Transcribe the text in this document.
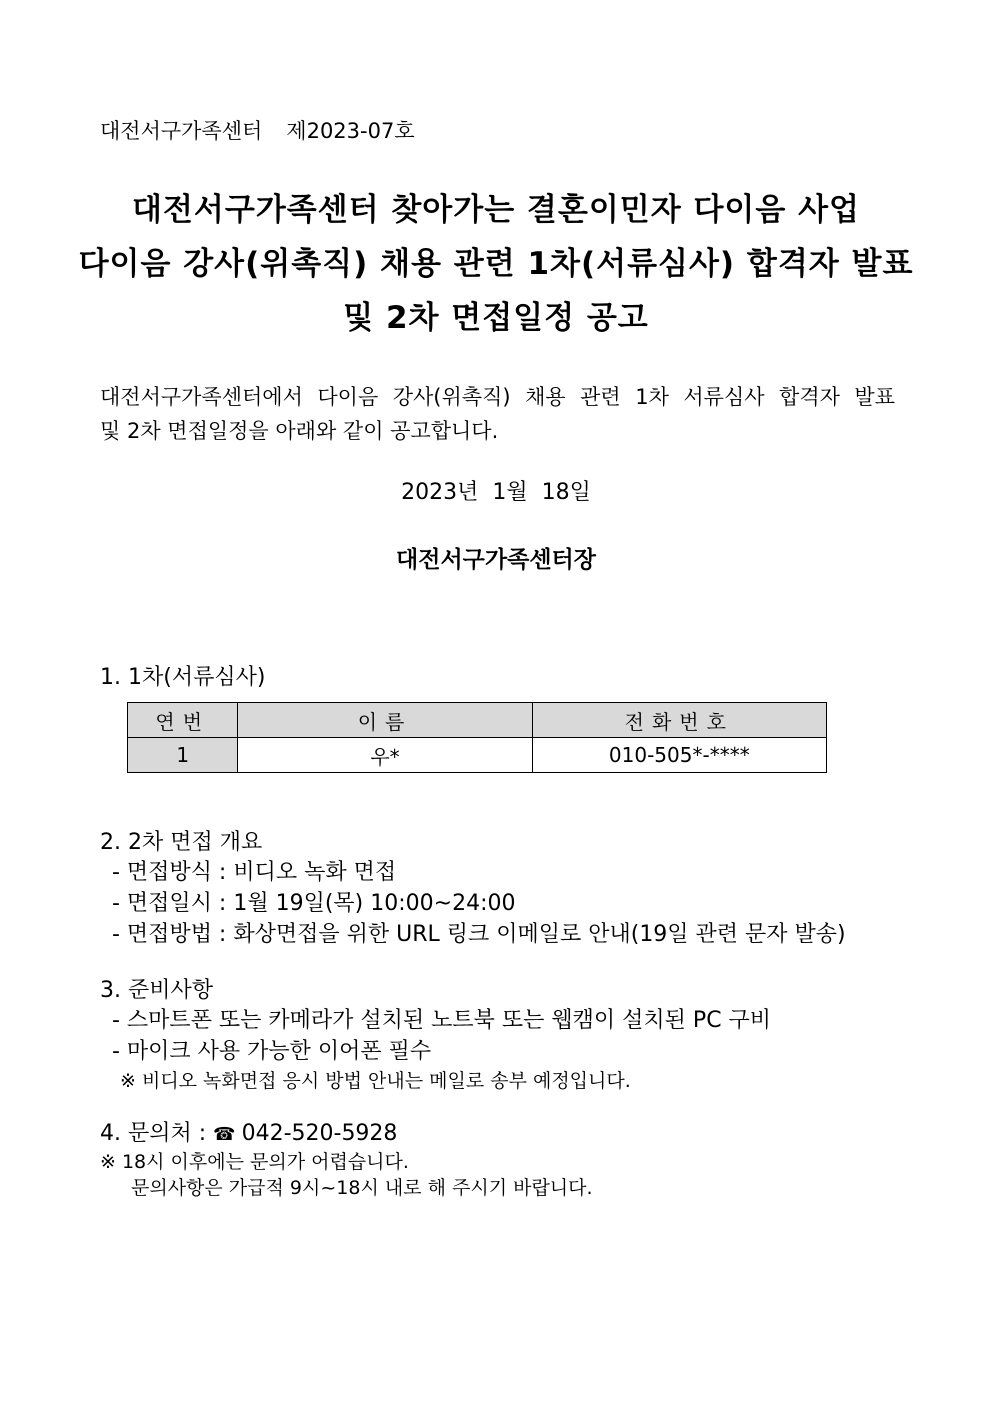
대전서구가족센터 제2023-07호
대전서구가족센터 찾아가는 결혼이민자 다이음 사업
다이음 강사(위촉직) 채용 관련 1차(서류심사) 합격자 발표
및 2차 면접일정 공고
대전서구가족센터에서 다이음 강사(위촉직) 채용 관련 1차 서류심사 합격자 발표
및 2차 면접일정을 아래와 같이 공고합니다.
2023년  1월  18일
대전서구가족센터장
1. 1차(서류심사)
연번	이름	전화번호
1	우*	010-505*-****
2. 2차 면접 개요
- 면접방식 : 비디오 녹화 면접
- 면접일시 : 1월 19일(목) 10:00~24:00
- 면접방법 : 화상면접을 위한 URL 링크 이메일로 안내(19일 관련 문자 발송)
3. 준비사항
- 스마트폰 또는 카메라가 설치된 노트북 또는 웹캠이 설치된 PC 구비
- 마이크 사용 가능한 이어폰 필수
※ 비디오 녹화면접 응시 방법 안내는 메일로 송부 예정입니다.
4. 문의처 : ☎ 042-520-5928
※ 18시 이후에는 문의가 어렵습니다.
문의사항은 가급적 9시~18시 내로 해 주시기 바랍니다.
